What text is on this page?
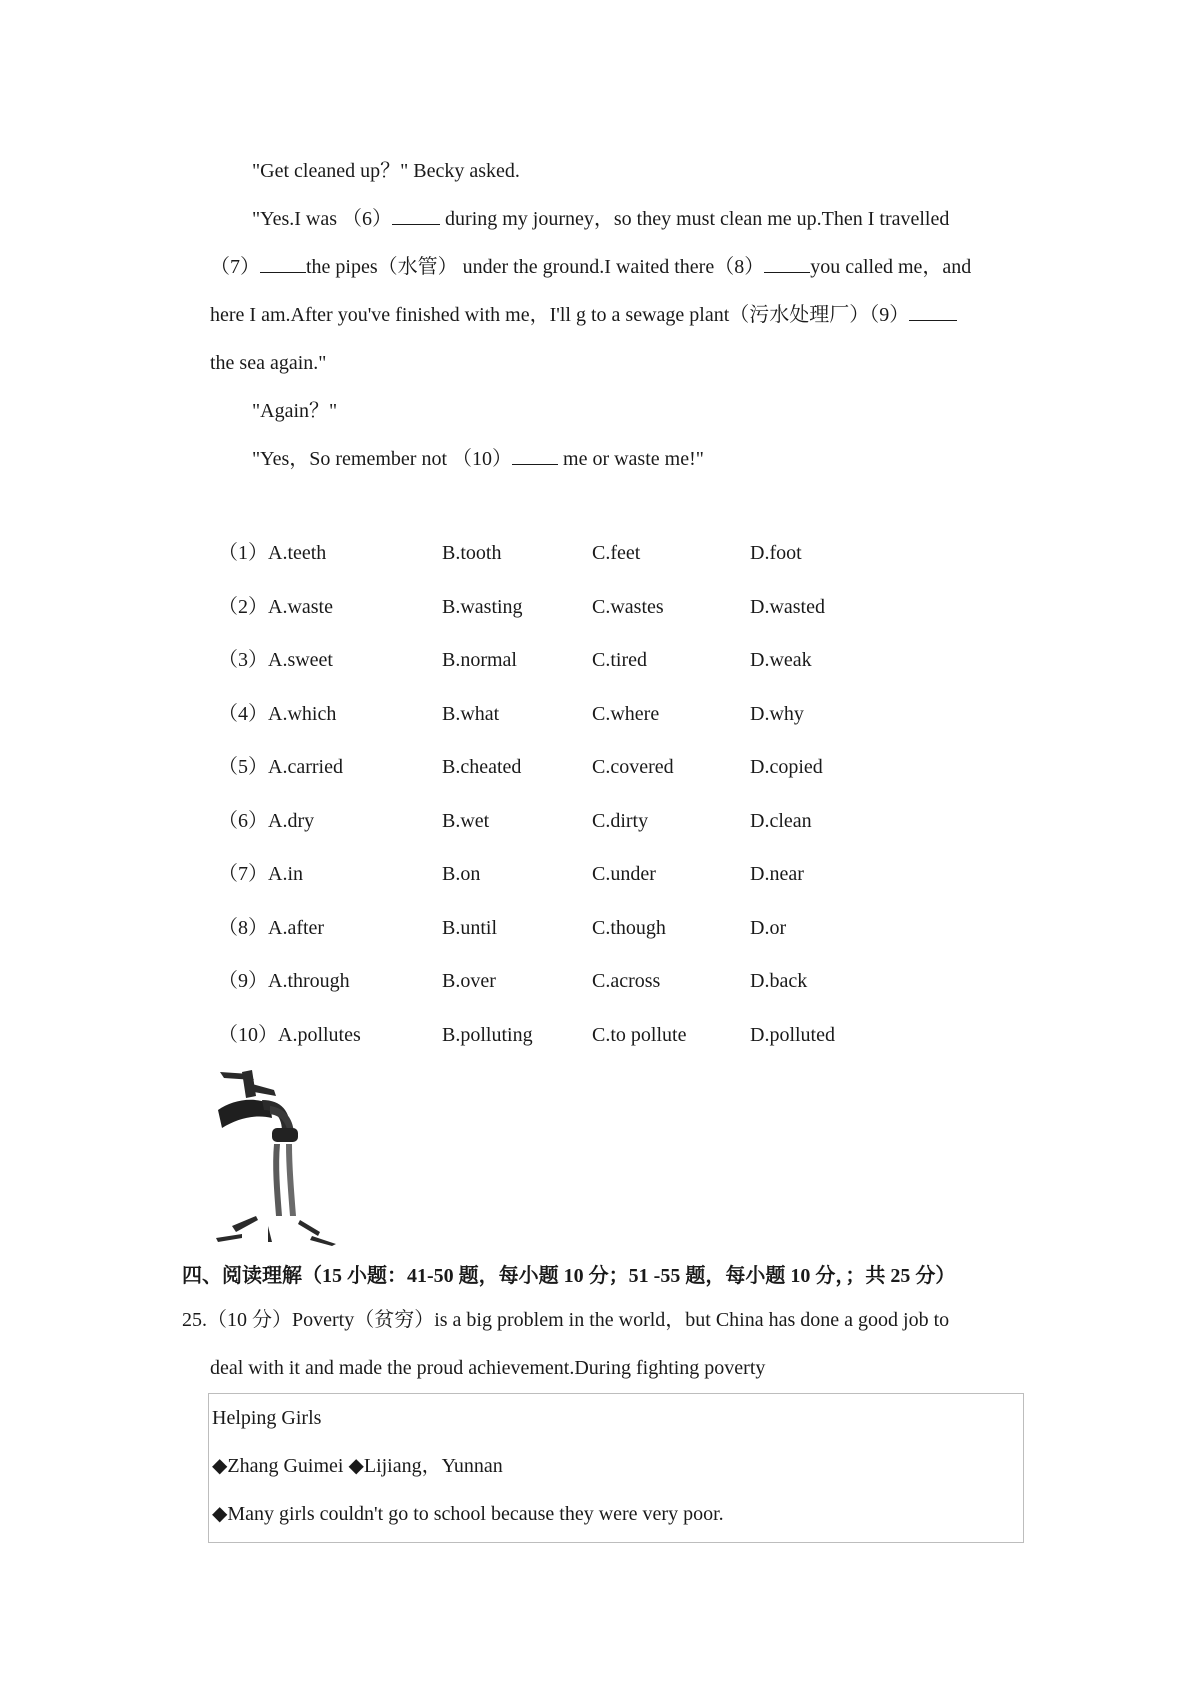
"Get cleaned up？" Becky asked.
"Yes.I was （6） during my journey，so they must clean me up.Then I travelled
（7） the pipes（水管） under the ground.I waited there（8） you called me，and
here I am.After you've finished with me，I'll g to a sewage plant（污水处理厂）（9）
the sea again."
"Again？"
"Yes，So remember not （10） me or waste me!"
（1）A.teeth	B.tooth	C.feet	D.foot
（2）A.waste	B.wasting	C.wastes	D.wasted
（3）A.sweet	B.normal	C.tired	D.weak
（4）A.which	B.what	C.where	D.why
（5）A.carried	B.cheated	C.covered	D.copied
（6）A.dry	B.wet	C.dirty	D.clean
（7）A.in	B.on	C.under	D.near
（8）A.after	B.until	C.though	D.or
（9）A.through	B.over	C.across	D.back
（10）A.pollutes	B.polluting	C.to pollute	D.polluted
四、阅读理解（15 小题：41-50 题，每小题 10 分；51 -55 题，每小题 10 分，；共 25 分）
25.（10 分）Poverty（贫穷）is a big problem in the world，but China has done a good job to
deal with it and made the proud achievement.During fighting poverty
Helping Girls
◆Zhang Guimei ◆Lijiang，Yunnan
◆Many girls couldn't go to school because they were very poor.
